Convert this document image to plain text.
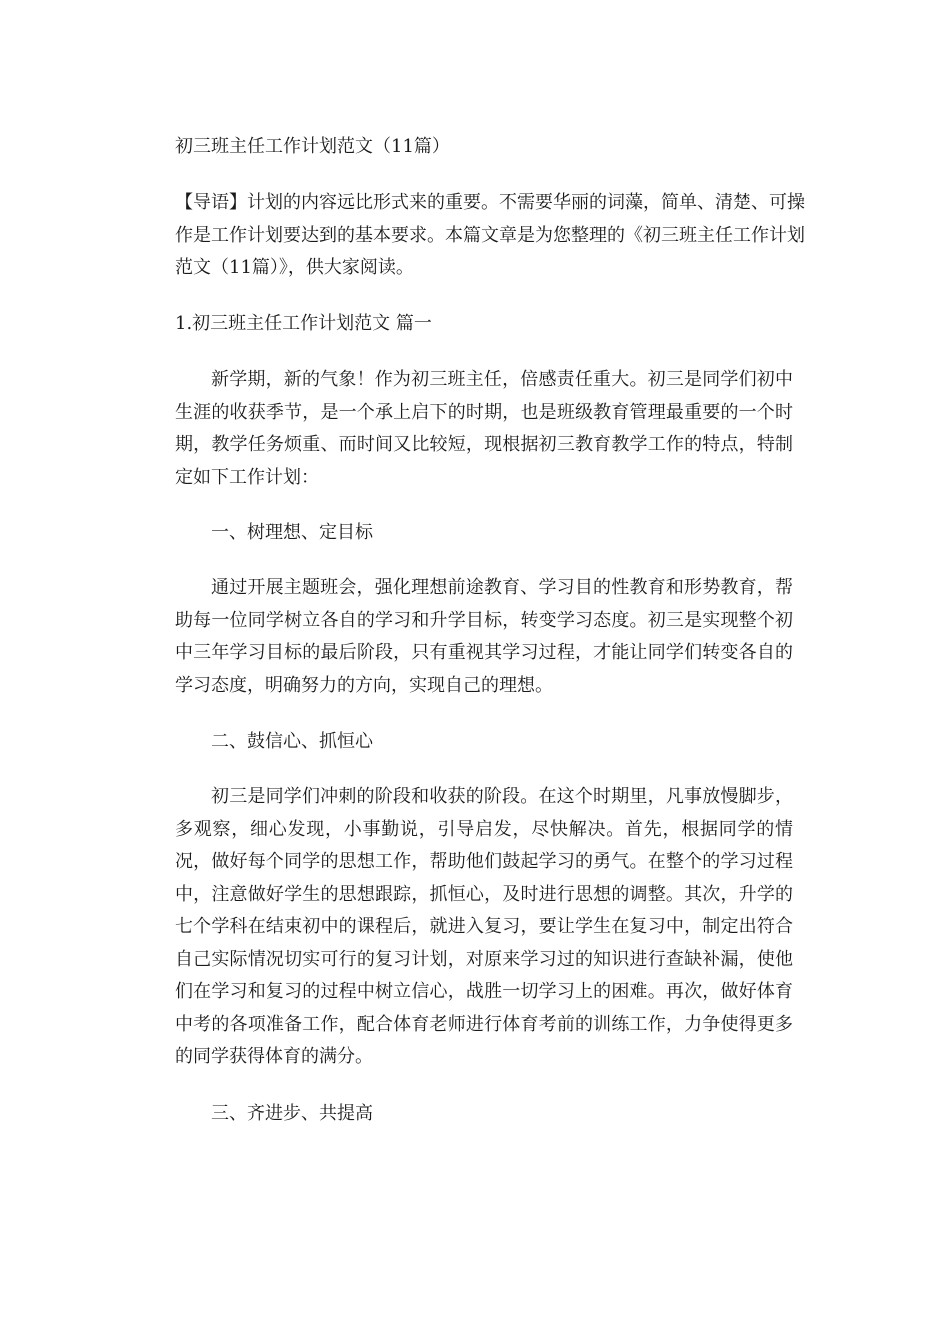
初三班主任工作计划范文（11篇）

【导语】计划的内容远比形式来的重要。不需要华丽的词藻，简单、清楚、可操作是工作计划要达到的基本要求。本篇文章是为您整理的《初三班主任工作计划范文（11篇）》，供大家阅读。

1.初三班主任工作计划范文 篇一

新学期，新的气象！作为初三班主任，倍感责任重大。初三是同学们初中生涯的收获季节，是一个承上启下的时期，也是班级教育管理最重要的一个时期，教学任务烦重、而时间又比较短，现根据初三教育教学工作的特点，特制定如下工作计划：

一、树理想、定目标

通过开展主题班会，强化理想前途教育、学习目的性教育和形势教育，帮助每一位同学树立各自的学习和升学目标，转变学习态度。初三是实现整个初中三年学习目标的最后阶段，只有重视其学习过程，才能让同学们转变各自的学习态度，明确努力的方向，实现自己的理想。

二、鼓信心、抓恒心

初三是同学们冲刺的阶段和收获的阶段。在这个时期里，凡事放慢脚步，多观察，细心发现，小事勤说，引导启发，尽快解决。首先，根据同学的情况，做好每个同学的思想工作，帮助他们鼓起学习的勇气。在整个的学习过程中，注意做好学生的思想跟踪，抓恒心，及时进行思想的调整。其次，升学的七个学科在结束初中的课程后，就进入复习，要让学生在复习中，制定出符合自己实际情况切实可行的复习计划，对原来学习过的知识进行查缺补漏，使他们在学习和复习的过程中树立信心，战胜一切学习上的困难。再次，做好体育中考的各项准备工作，配合体育老师进行体育考前的训练工作，力争使得更多的同学获得体育的满分。

三、齐进步、共提高
